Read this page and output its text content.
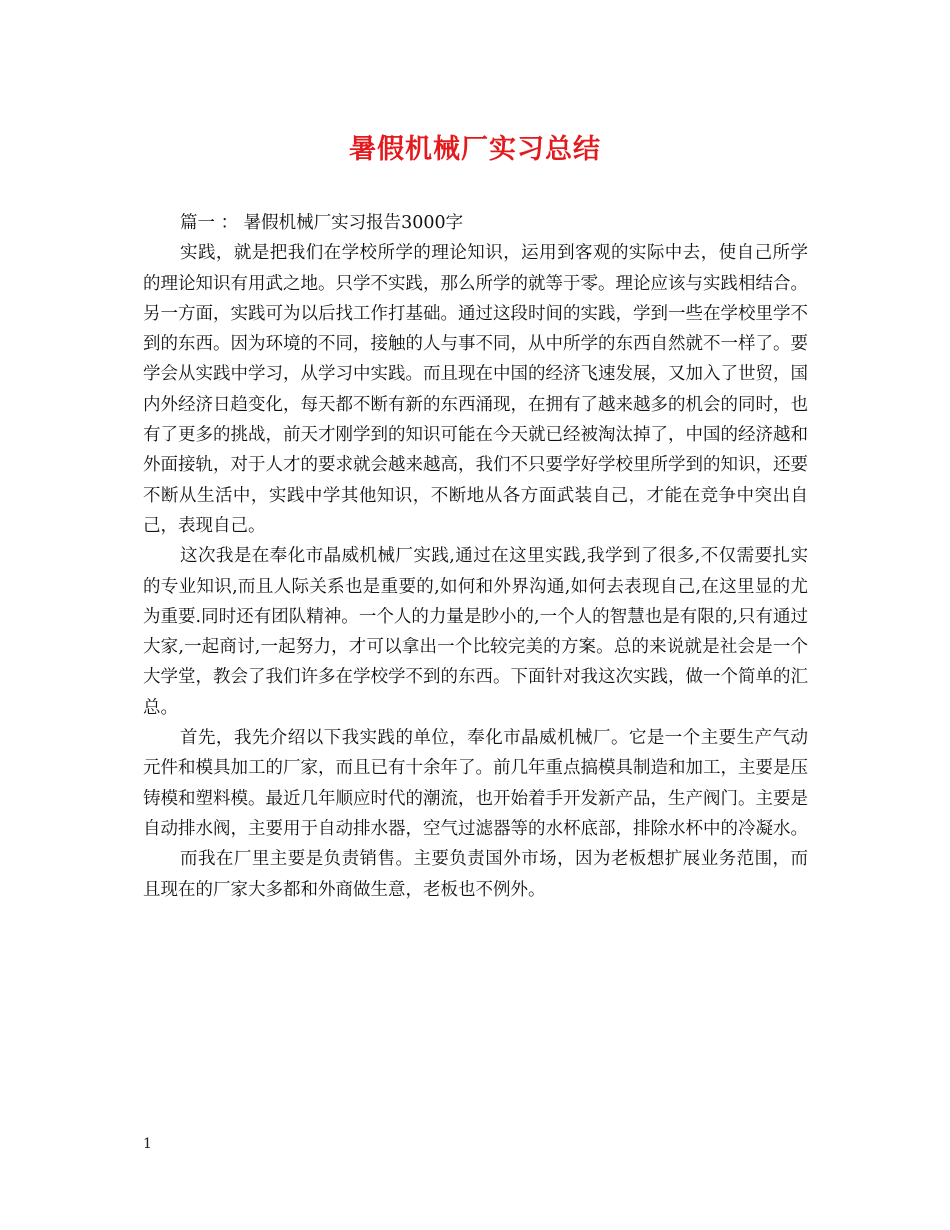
暑假机械厂实习总结

篇一 ： 暑假机械厂实习报告3000字

实践，就是把我们在学校所学的理论知识，运用到客观的实际中去，使自己所学的理论知识有用武之地。只学不实践，那么所学的就等于零。理论应该与实践相结合。另一方面，实践可为以后找工作打基础。通过这段时间的实践，学到一些在学校里学不到的东西。因为环境的不同，接触的人与事不同，从中所学的东西自然就不一样了。要学会从实践中学习，从学习中实践。而且现在中国的经济飞速发展，又加入了世贸，国内外经济日趋变化，每天都不断有新的东西涌现，在拥有了越来越多的机会的同时，也有了更多的挑战，前天才刚学到的知识可能在今天就已经被淘汰掉了，中国的经济越和外面接轨，对于人才的要求就会越来越高，我们不只要学好学校里所学到的知识，还要不断从生活中，实践中学其他知识，不断地从各方面武装自己，才能在竞争中突出自己，表现自己。

这次我是在奉化市晶威机械厂实践,通过在这里实践,我学到了很多,不仅需要扎实的专业知识,而且人际关系也是重要的,如何和外界沟通,如何去表现自己,在这里显的尤为重要.同时还有团队精神。一个人的力量是眇小的,一个人的智慧也是有限的,只有通过大家,一起商讨,一起努力，才可以拿出一个比较完美的方案。总的来说就是社会是一个大学堂，教会了我们许多在学校学不到的东西。下面针对我这次实践，做一个简单的汇总。

首先，我先介绍以下我实践的单位，奉化市晶威机械厂。它是一个主要生产气动元件和模具加工的厂家，而且已有十余年了。前几年重点搞模具制造和加工，主要是压铸模和塑料模。最近几年顺应时代的潮流，也开始着手开发新产品，生产阀门。主要是自动排水阀，主要用于自动排水器，空气过滤器等的水杯底部，排除水杯中的冷凝水。

而我在厂里主要是负责销售。主要负责国外市场，因为老板想扩展业务范围，而且现在的厂家大多都和外商做生意，老板也不例外。

1
